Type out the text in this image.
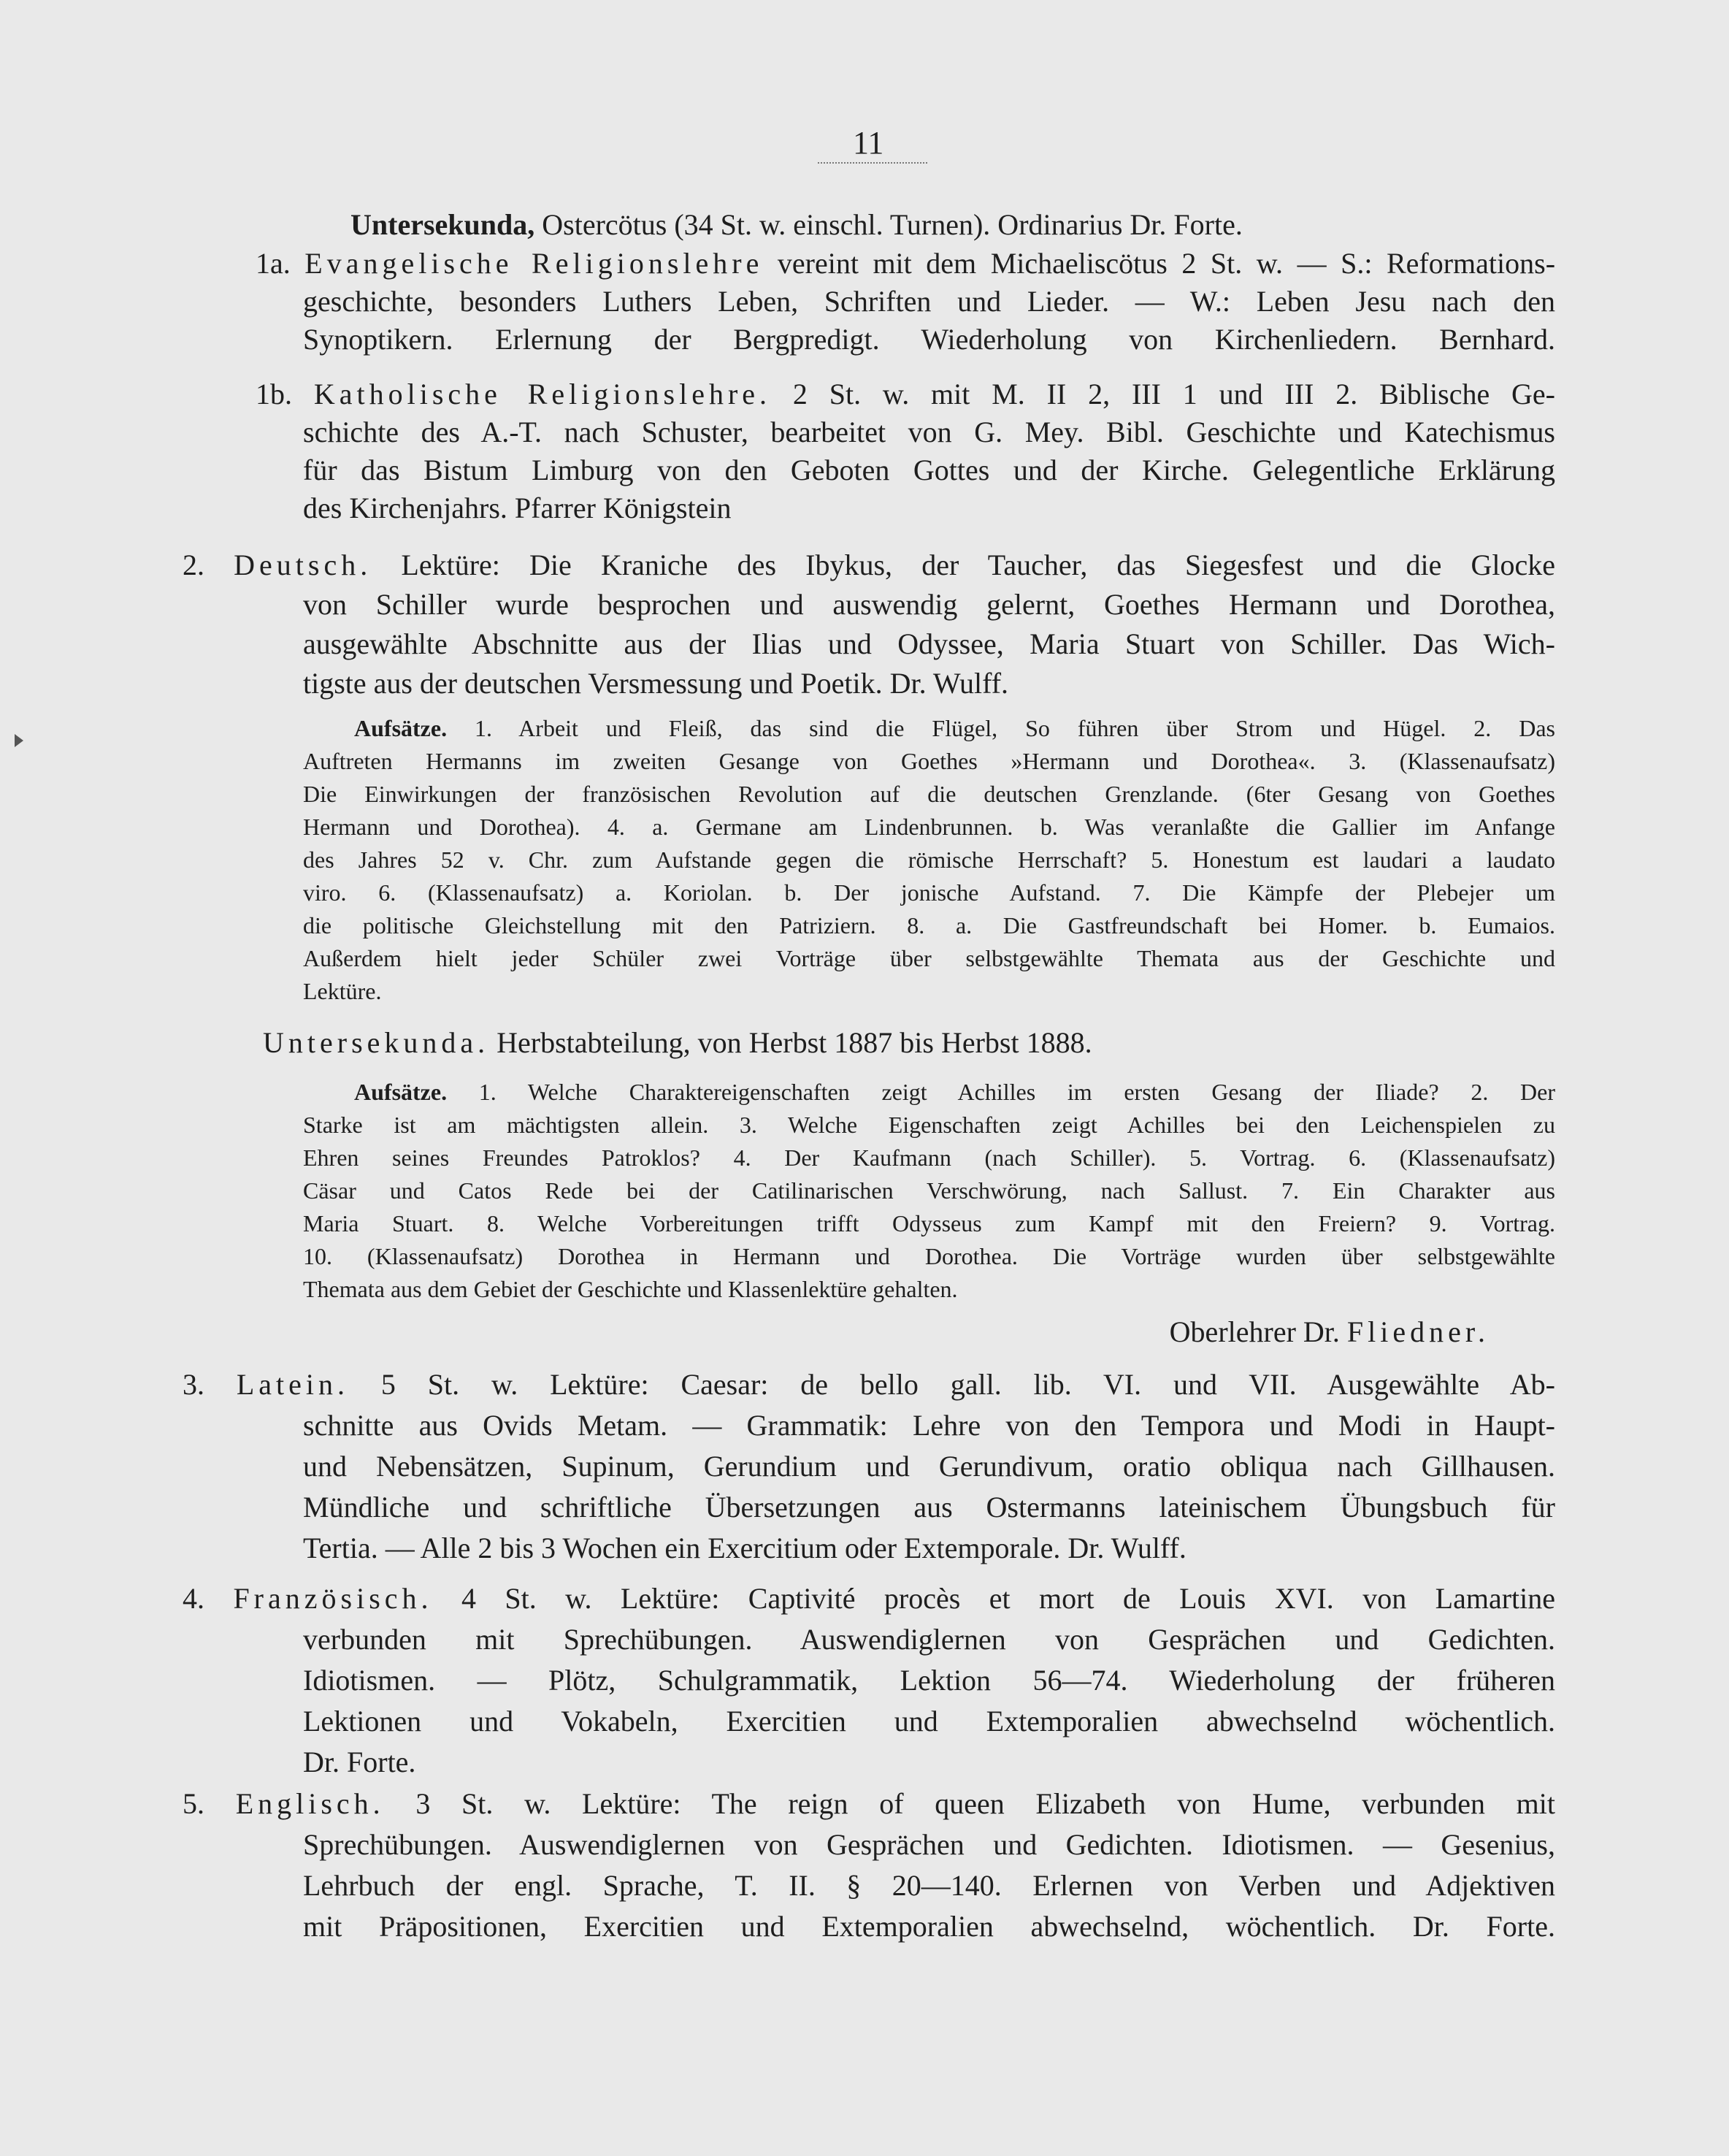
11
Untersekunda, Ostercötus (34 St. w. einschl. Turnen). Ordinarius Dr. Forte.
1a. Evangelische Religionslehre vereint mit dem Michaeliscötus 2 St. w. — S.: Reformations-
geschichte, besonders Luthers Leben, Schriften und Lieder. — W.: Leben Jesu nach den
Synoptikern. Erlernung der Bergpredigt. Wiederholung von Kirchenliedern. Bernhard.
1b. Katholische Religionslehre. 2 St. w. mit M. II 2, III 1 und III 2. Biblische Ge-
schichte des A.-T. nach Schuster, bearbeitet von G. Mey. Bibl. Geschichte und Katechismus
für das Bistum Limburg von den Geboten Gottes und der Kirche. Gelegentliche Erklärung
des Kirchenjahrs. Pfarrer Königstein
2. Deutsch. Lektüre: Die Kraniche des Ibykus, der Taucher, das Siegesfest und die Glocke
von Schiller wurde besprochen und auswendig gelernt, Goethes Hermann und Dorothea,
ausgewählte Abschnitte aus der Ilias und Odyssee, Maria Stuart von Schiller. Das Wich-
tigste aus der deutschen Versmessung und Poetik. Dr. Wulff.
Aufsätze. 1. Arbeit und Fleiß, das sind die Flügel, So führen über Strom und Hügel. 2. Das
Auftreten Hermanns im zweiten Gesange von Goethes »Hermann und Dorothea«. 3. (Klassenaufsatz)
Die Einwirkungen der französischen Revolution auf die deutschen Grenzlande. (6ter Gesang von Goethes
Hermann und Dorothea). 4. a. Germane am Lindenbrunnen. b. Was veranlaßte die Gallier im Anfange
des Jahres 52 v. Chr. zum Aufstande gegen die römische Herrschaft? 5. Honestum est laudari a laudato
viro. 6. (Klassenaufsatz) a. Koriolan. b. Der jonische Aufstand. 7. Die Kämpfe der Plebejer um
die politische Gleichstellung mit den Patriziern. 8. a. Die Gastfreundschaft bei Homer. b. Eumaios.
Außerdem hielt jeder Schüler zwei Vorträge über selbstgewählte Themata aus der Geschichte und
Lektüre.
Untersekunda. Herbstabteilung, von Herbst 1887 bis Herbst 1888.
Aufsätze. 1. Welche Charaktereigenschaften zeigt Achilles im ersten Gesang der Iliade? 2. Der
Starke ist am mächtigsten allein. 3. Welche Eigenschaften zeigt Achilles bei den Leichenspielen zu
Ehren seines Freundes Patroklos? 4. Der Kaufmann (nach Schiller). 5. Vortrag. 6. (Klassenaufsatz)
Cäsar und Catos Rede bei der Catilinarischen Verschwörung, nach Sallust. 7. Ein Charakter aus
Maria Stuart. 8. Welche Vorbereitungen trifft Odysseus zum Kampf mit den Freiern? 9. Vortrag.
10. (Klassenaufsatz) Dorothea in Hermann und Dorothea. Die Vorträge wurden über selbstgewählte
Themata aus dem Gebiet der Geschichte und Klassenlektüre gehalten.
Oberlehrer Dr. Fliedner.
3. Latein. 5 St. w. Lektüre: Caesar: de bello gall. lib. VI. und VII. Ausgewählte Ab-
schnitte aus Ovids Metam. — Grammatik: Lehre von den Tempora und Modi in Haupt-
und Nebensätzen, Supinum, Gerundium und Gerundivum, oratio obliqua nach Gillhausen.
Mündliche und schriftliche Übersetzungen aus Ostermanns lateinischem Übungsbuch für
Tertia. — Alle 2 bis 3 Wochen ein Exercitium oder Extemporale. Dr. Wulff.
4. Französisch. 4 St. w. Lektüre: Captivité procès et mort de Louis XVI. von Lamartine
verbunden mit Sprechübungen. Auswendiglernen von Gesprächen und Gedichten.
Idiotismen. — Plötz, Schulgrammatik, Lektion 56—74. Wiederholung der früheren
Lektionen und Vokabeln, Exercitien und Extemporalien abwechselnd wöchentlich.
Dr. Forte.
5. Englisch. 3 St. w. Lektüre: The reign of queen Elizabeth von Hume, verbunden mit
Sprechübungen. Auswendiglernen von Gesprächen und Gedichten. Idiotismen. — Gesenius,
Lehrbuch der engl. Sprache, T. II. § 20—140. Erlernen von Verben und Adjektiven
mit Präpositionen, Exercitien und Extemporalien abwechselnd, wöchentlich. Dr. Forte.
